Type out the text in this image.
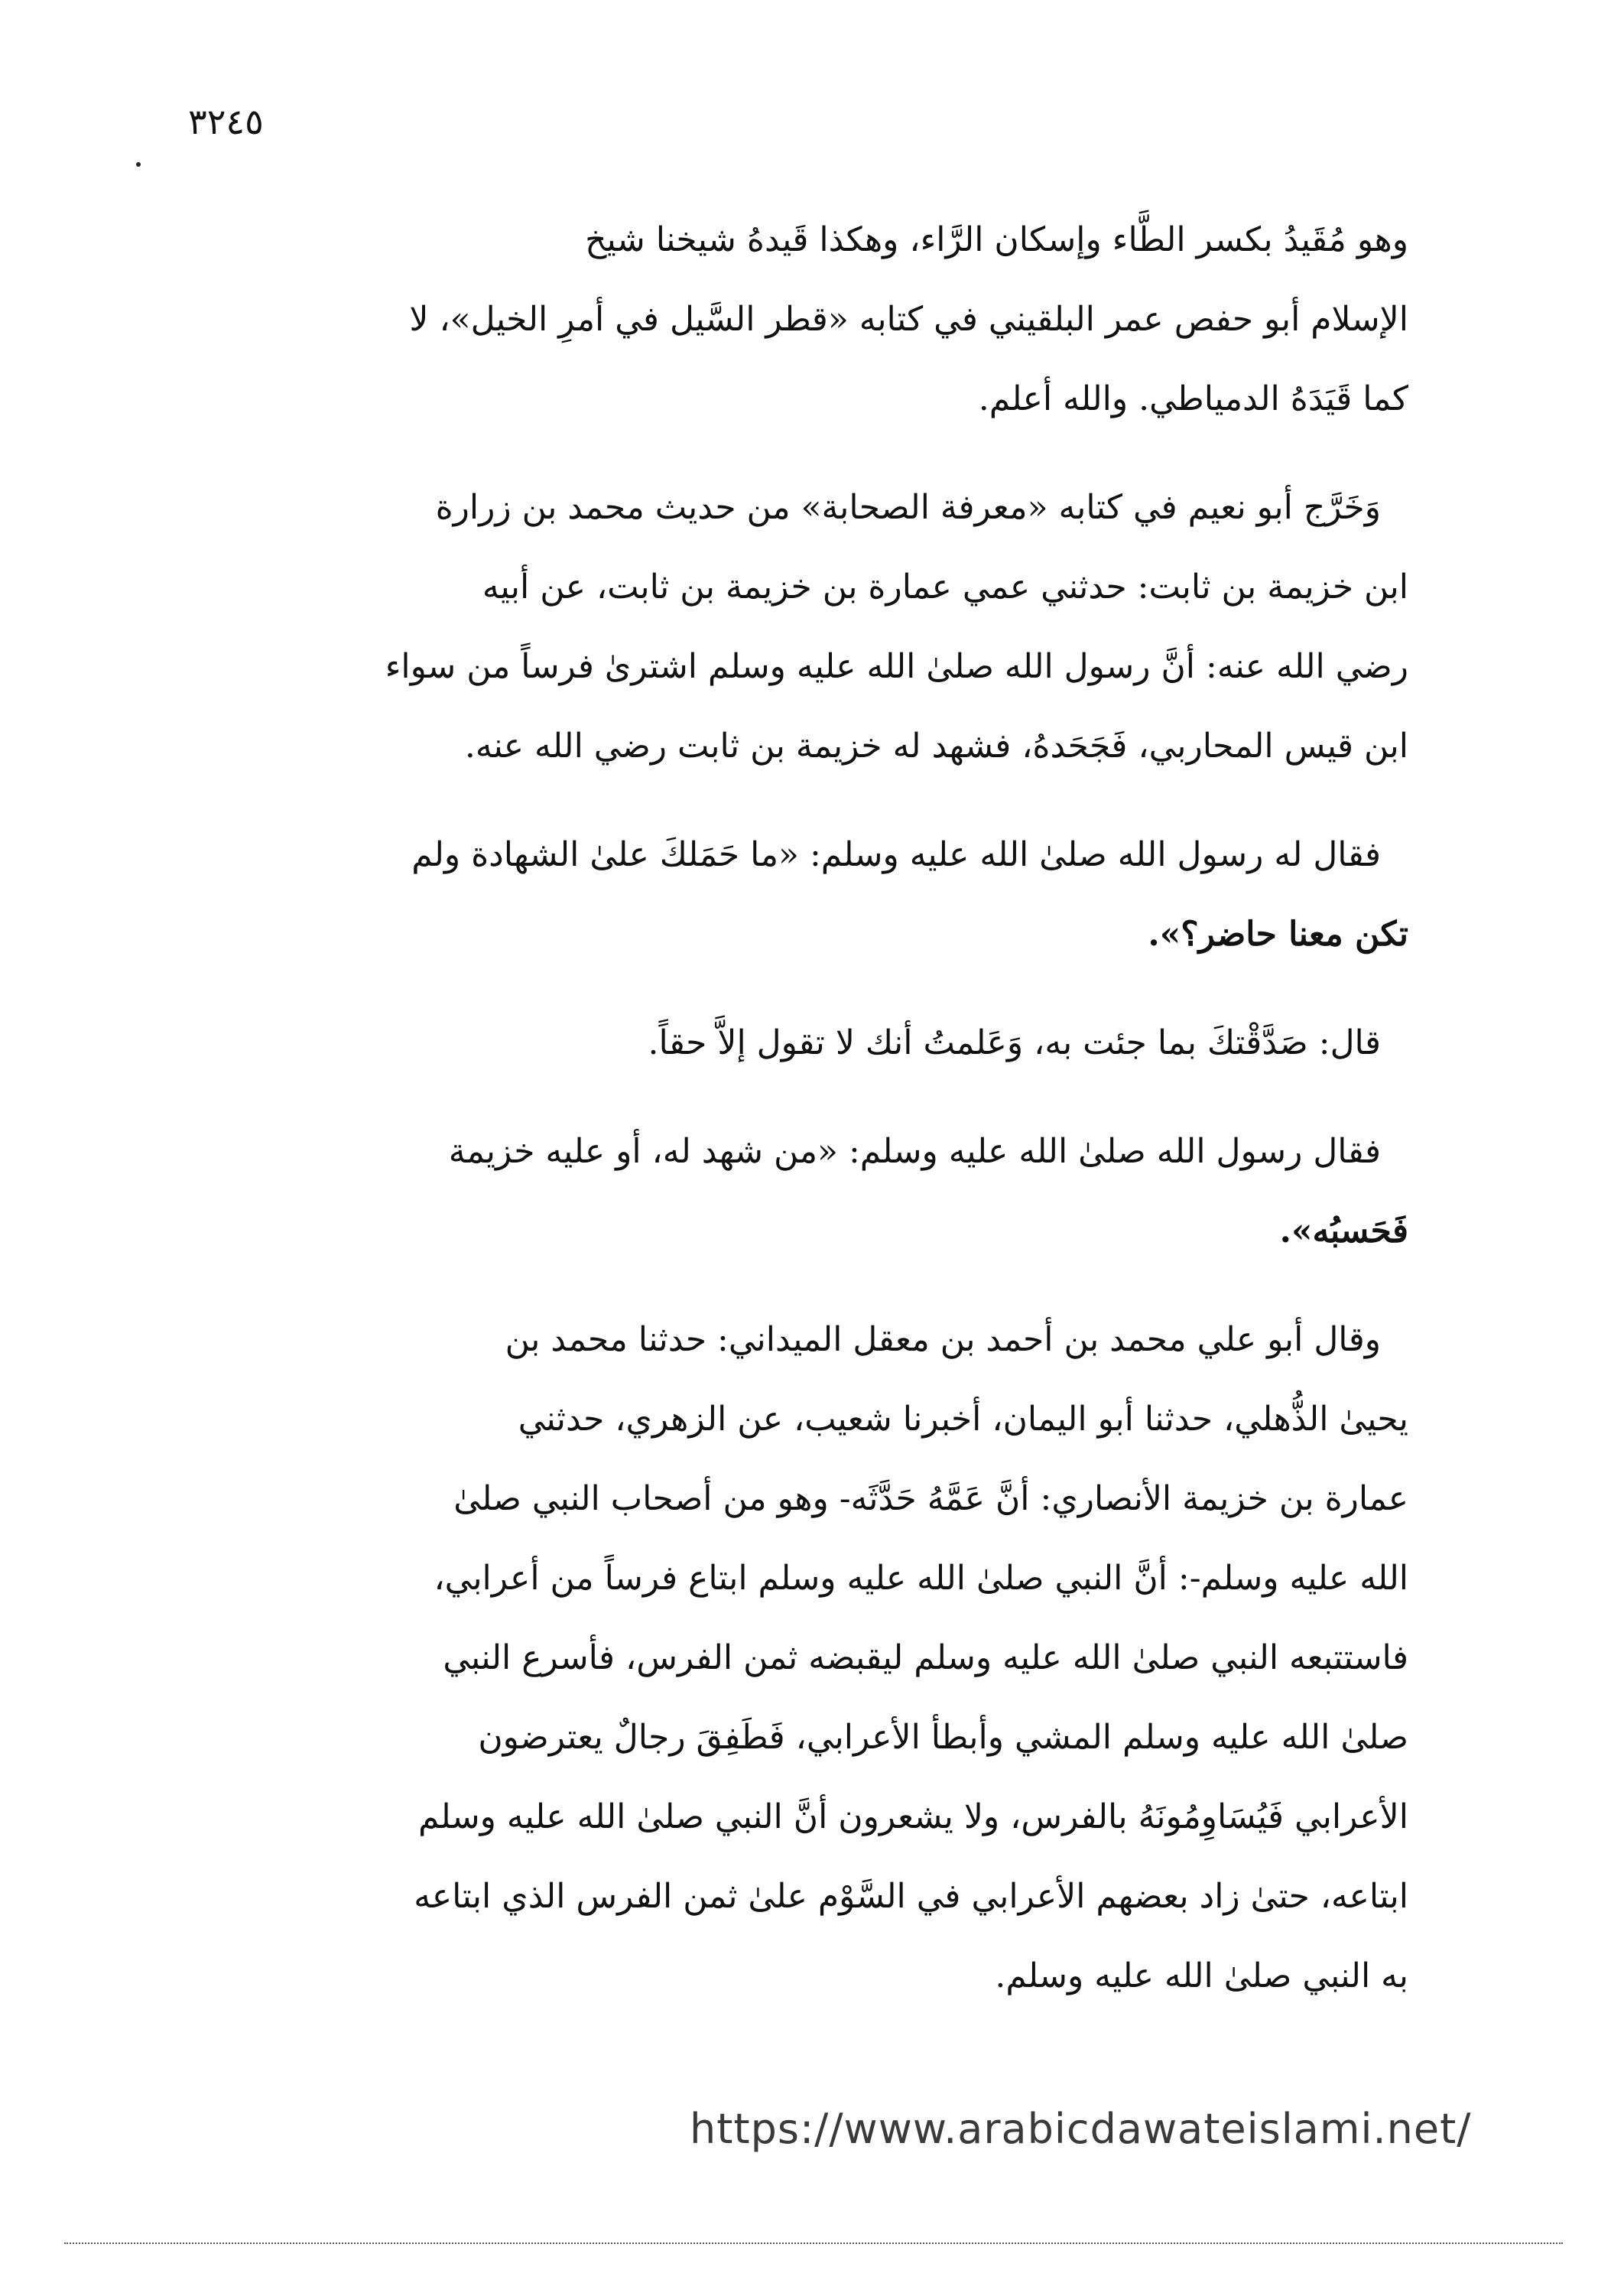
٣٢٤٥
وهو مُقَيدُ بكسر الطَّاء وإسكان الرَّاء، وهكذا قَيدهُ شيخنا شيخ
الإسلام أبو حفص عمر البلقيني في كتابه «قطر السَّيل في أمرِ الخيل»، لا
كما قَيَدَهُ الدمياطي. والله أعلم.
وَخَرَّج أبو نعيم في كتابه «معرفة الصحابة» من حديث محمد بن زرارة
ابن خزيمة بن ثابت: حدثني عمي عمارة بن خزيمة بن ثابت، عن أبيه
رضي الله عنه: أنَّ رسول الله صلىٰ الله عليه وسلم اشترىٰ فرساً من سواء
ابن قيس المحاربي، فَجَحَدهُ، فشهد له خزيمة بن ثابت رضي الله عنه.
فقال له رسول الله صلىٰ الله عليه وسلم: «ما حَمَلكَ علىٰ الشهادة ولم
تكن معنا حاضر؟».
قال: صَدَّقْتكَ بما جئت به، وَعَلمتُ أنك لا تقول إلاَّ حقاً.
فقال رسول الله صلىٰ الله عليه وسلم: «من شهد له، أو عليه خزيمة
فَحَسبُه».
وقال أبو علي محمد بن أحمد بن معقل الميداني: حدثنا محمد بن
يحيىٰ الذُّهلي، حدثنا أبو اليمان، أخبرنا شعيب، عن الزهري، حدثني
عمارة بن خزيمة الأنصاري: أنَّ عَمَّهُ حَدَّثَه- وهو من أصحاب النبي صلىٰ
الله عليه وسلم-: أنَّ النبي صلىٰ الله عليه وسلم ابتاع فرساً من أعرابي،
فاستتبعه النبي صلىٰ الله عليه وسلم ليقبضه ثمن الفرس، فأسرع النبي
صلىٰ الله عليه وسلم المشي وأبطأ الأعرابي، فَطَفِقَ رجالٌ يعترضون
الأعرابي فَيُسَاوِمُونَهُ بالفرس، ولا يشعرون أنَّ النبي صلىٰ الله عليه وسلم
ابتاعه، حتىٰ زاد بعضهم الأعرابي في السَّوْم علىٰ ثمن الفرس الذي ابتاعه
به النبي صلىٰ الله عليه وسلم.
https://www.arabicdawateislami.net/
